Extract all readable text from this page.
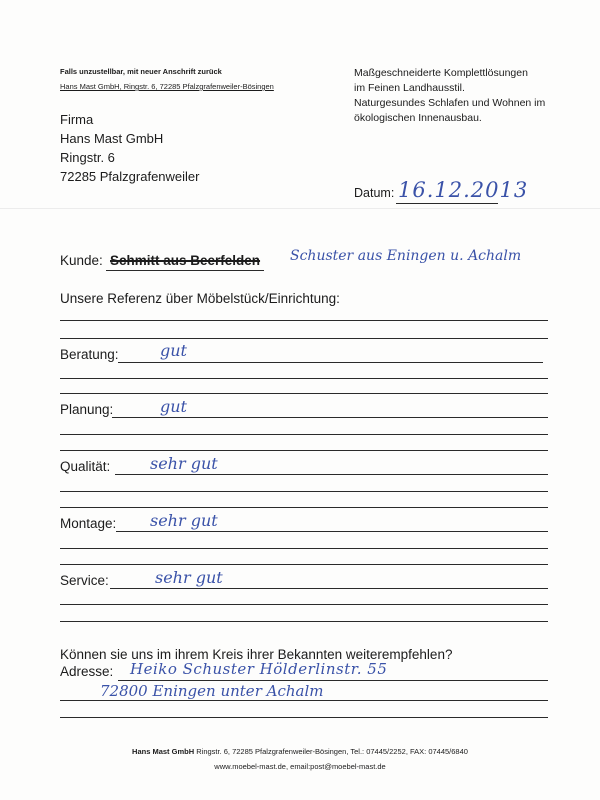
Falls unzustellbar, mit neuer Anschrift zurück
Hans Mast GmbH, Ringstr. 6, 72285 Pfalzgrafenweiler-Bösingen
Maßgeschneiderte Komplettlösungen
im Feinen Landhausstil.
Naturgesundes Schlafen und Wohnen im
ökologischen Innenausbau.
Firma
Hans Mast GmbH
Ringstr. 6
72285 Pfalzgrafenweiler
Datum: 16.12.2013
Kunde: Schmitt aus Beerfelden Schuster aus Eningen u. Achalm
Unsere Referenz über Möbelstück/Einrichtung:
Beratung:	gut
Planung:	gut
Qualität: sehr gut
Montage: sehr gut
Service:	sehr gut
Können sie uns im ihrem Kreis ihrer Bekannten weiterempfehlen?
Adresse: Heiko Schuster Hölderlinstr. 55
72800 Eningen unter Achalm
Hans Mast GmbH Ringstr. 6, 72285 Pfalzgrafenweiler-Bösingen, Tel.: 07445/2252, FAX: 07445/6840
www.moebel-mast.de, email:post@moebel-mast.de
